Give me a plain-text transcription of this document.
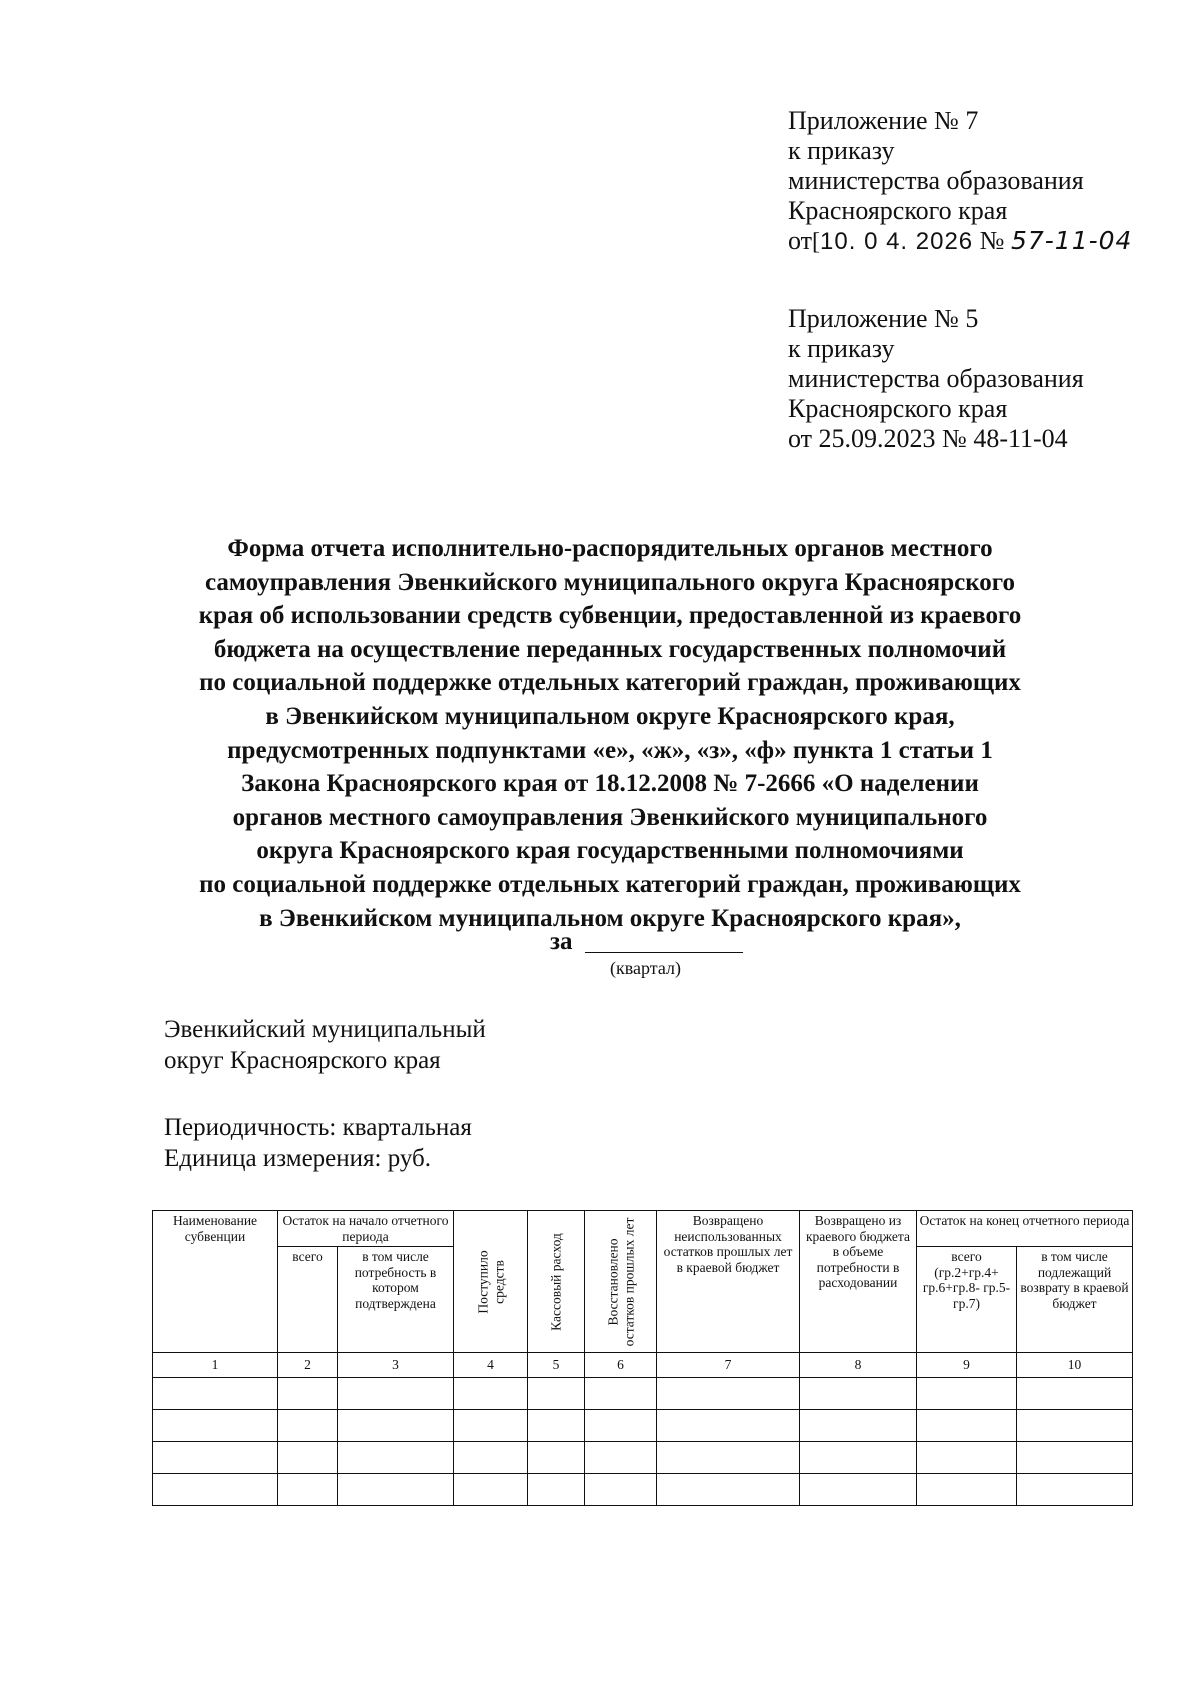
Приложение № 7
к приказу
министерства образования
Красноярского края
от[10. 0 4. 2026 № 57-11-04
Приложение № 5
к приказу
министерства образования
Красноярского края
от 25.09.2023 № 48-11-04
Форма отчета исполнительно-распорядительных органов местного
самоуправления Эвенкийского муниципального округа Красноярского
края об использовании средств субвенции, предоставленной из краевого
бюджета на осуществление переданных государственных полномочий
по социальной поддержке отдельных категорий граждан, проживающих
в Эвенкийском муниципальном округе Красноярского края,
предусмотренных подпунктами «е», «ж», «з», «ф» пункта 1 статьи 1
Закона Красноярского края от 18.12.2008 № 7-2666 «О наделении
органов местного самоуправления Эвенкийского муниципального
округа Красноярского края государственными полномочиями
по социальной поддержке отдельных категорий граждан, проживающих
в Эвенкийском муниципальном округе Красноярского края»,
за
(квартал)
Эвенкийский муниципальный
округ Красноярского края
Периодичность: квартальная
Единица измерения: руб.
Наименование субвенции	Остаток на начало отчетного периода		Поступило средств	Кассовый расход	Восстановлено остатков прошлых лет	Возвращено неиспользованных остатков прошлых лет в краевой бюджет	Возвращено из краевого бюджета в объеме потребности в расходовании	Остаток на конец отчетного периода	
	всего	в том числе потребность в котором подтверждена						всего (гр.2+гр.4+ гр.6+гр.8- гр.5-гр.7)	в том числе подлежащий возврату в краевой бюджет
1	2	3	4	5	6	7	8	9	10
